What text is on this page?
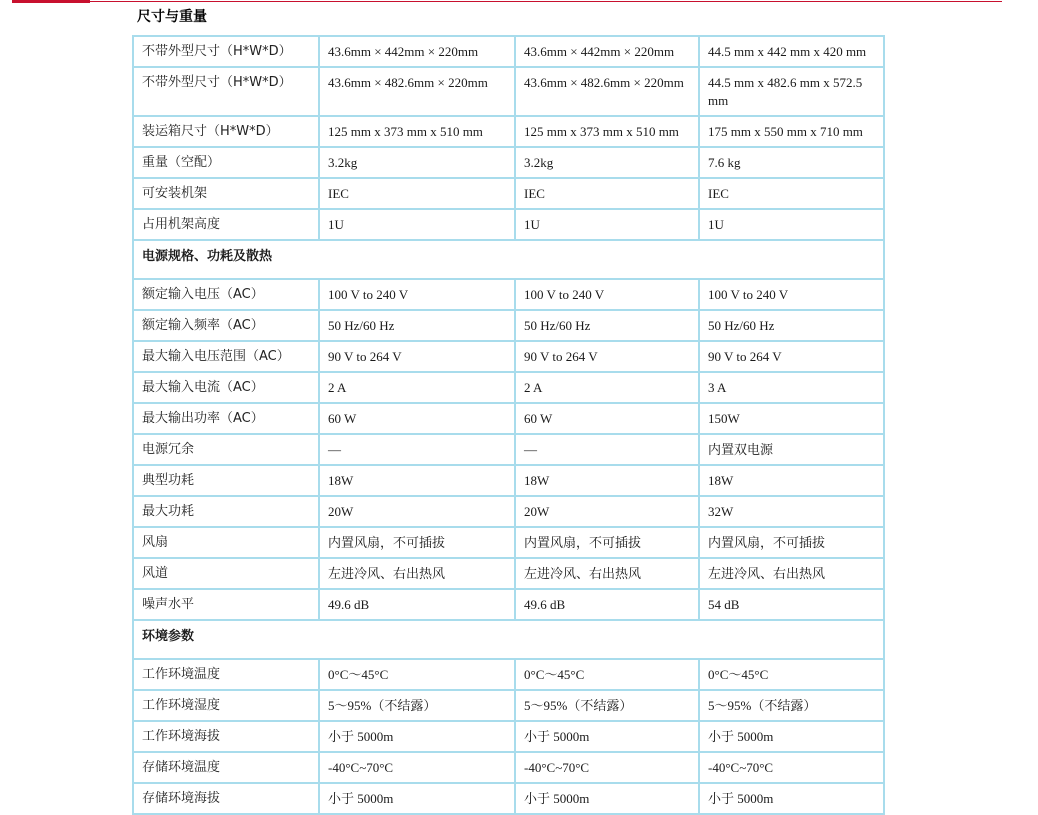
尺寸与重量
不带外型尺寸（H*W*D）	43.6mm × 442mm × 220mm	43.6mm × 442mm × 220mm	44.5 mm x 442 mm x 420 mm
不带外型尺寸（H*W*D）	43.6mm × 482.6mm × 220mm	43.6mm × 482.6mm × 220mm	44.5 mm x 482.6 mm x 572.5 mm
装运箱尺寸（H*W*D）	125 mm x 373 mm x 510 mm	125 mm x 373 mm x 510 mm	175 mm x 550 mm x 710 mm
重量（空配）	3.2kg	3.2kg	7.6 kg
可安装机架	IEC	IEC	IEC
占用机架高度	1U	1U	1U
电源规格、功耗及散热			
额定输入电压（AC）	100 V to 240 V	100 V to 240 V	100 V to 240 V
额定输入频率（AC）	50 Hz/60 Hz	50 Hz/60 Hz	50 Hz/60 Hz
最大输入电压范围（AC）	90 V to 264 V	90 V to 264 V	90 V to 264 V
最大输入电流（AC）	2 A	2 A	3 A
最大输出功率（AC）	60 W	60 W	150W
电源冗余	—	—	内置双电源
典型功耗	18W	18W	18W
最大功耗	20W	20W	32W
风扇	内置风扇，不可插拔	内置风扇，不可插拔	内置风扇，不可插拔
风道	左进冷风、右出热风	左进冷风、右出热风	左进冷风、右出热风
噪声水平	49.6 dB	49.6 dB	54 dB
环境参数			
工作环境温度	0°C～45°C	0°C～45°C	0°C～45°C
工作环境湿度	5～95%（不结露）	5～95%（不结露）	5～95%（不结露）
工作环境海拔	小于 5000m	小于 5000m	小于 5000m
存储环境温度	-40°C~70°C	-40°C~70°C	-40°C~70°C
存储环境海拔	小于 5000m	小于 5000m	小于 5000m
